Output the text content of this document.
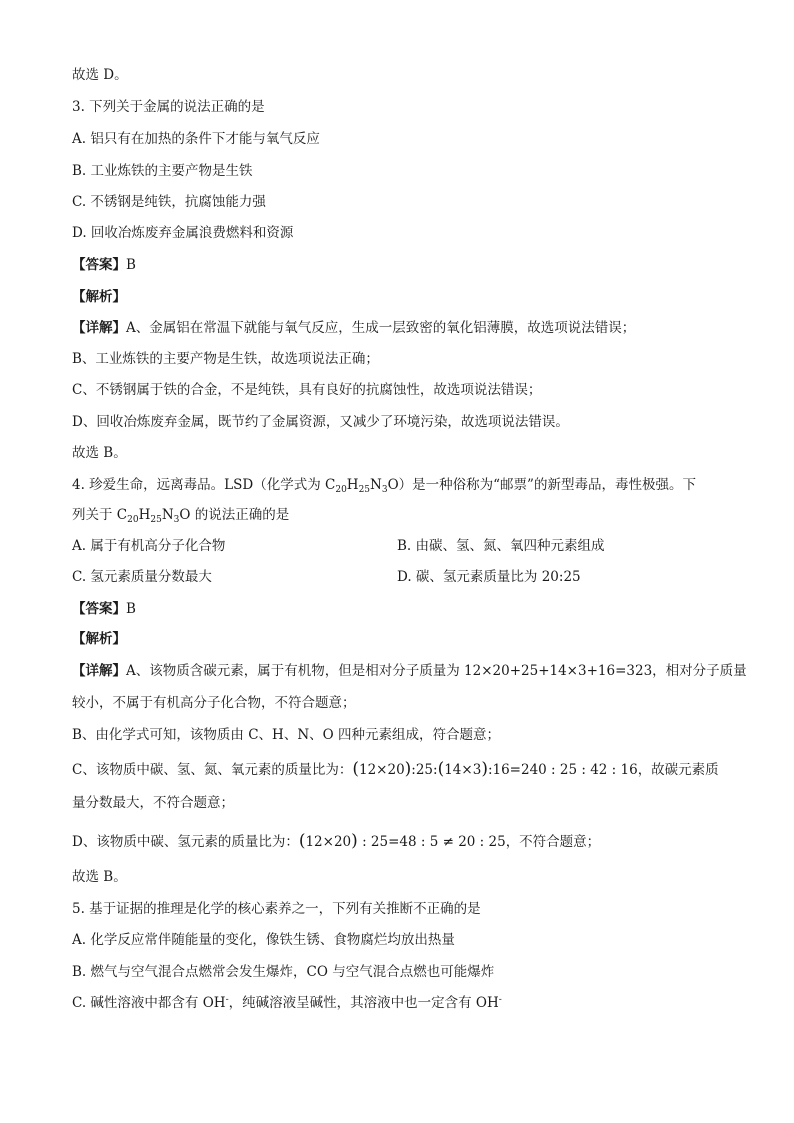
故选 D。
3. 下列关于金属的说法正确的是
A. 铝只有在加热的条件下才能与氧气反应
B. 工业炼铁的主要产物是生铁
C. 不锈钢是纯铁，抗腐蚀能力强
D. 回收冶炼废弃金属浪费燃料和资源
【答案】B
【解析】
【详解】A、金属铝在常温下就能与氧气反应，生成一层致密的氧化铝薄膜，故选项说法错误；
B、工业炼铁的主要产物是生铁，故选项说法正确；
C、不锈钢属于铁的合金，不是纯铁，具有良好的抗腐蚀性，故选项说法错误；
D、回收冶炼废弃金属，既节约了金属资源，又减少了环境污染，故选项说法错误。
故选 B。
4. 珍爱生命，远离毒品。LSD（化学式为 $C_{20}H_{25}N_3O$）是一种俗称为“邮票”的新型毒品，毒性极强。下
列关于 $C_{20}H_{25}N_3O$ 的说法正确的是
A. 属于有机高分子化合物	B. 由碳、氢、氮、氧四种元素组成
C. 氢元素质量分数最大	D. 碳、氢元素质量比为 20:25
【答案】B
【解析】
【详解】A、该物质含碳元素，属于有机物，但是相对分子质量为 12×20+25+14×3+16=323，相对分子质量
较小，不属于有机高分子化合物，不符合题意；
B、由化学式可知，该物质由 C、H、N、O 四种元素组成，符合题意；
C、该物质中碳、氢、氮、氧元素的质量比为：(12×20):25:(14×3):16=240 : 25 : 42 : 16，故碳元素质
量分数最大，不符合题意；
D、该物质中碳、氢元素的质量比为：(12×20) : 25=48 : 5 ≠ 20 : 25，不符合题意；
故选 B。
5. 基于证据的推理是化学的核心素养之一，下列有关推断不正确的是
A. 化学反应常伴随能量的变化，像铁生锈、食物腐烂均放出热量
B. 燃气与空气混合点燃常会发生爆炸，CO 与空气混合点燃也可能爆炸
C. 碱性溶液中都含有 OH-，纯碱溶液呈碱性，其溶液中也一定含有 OH-
